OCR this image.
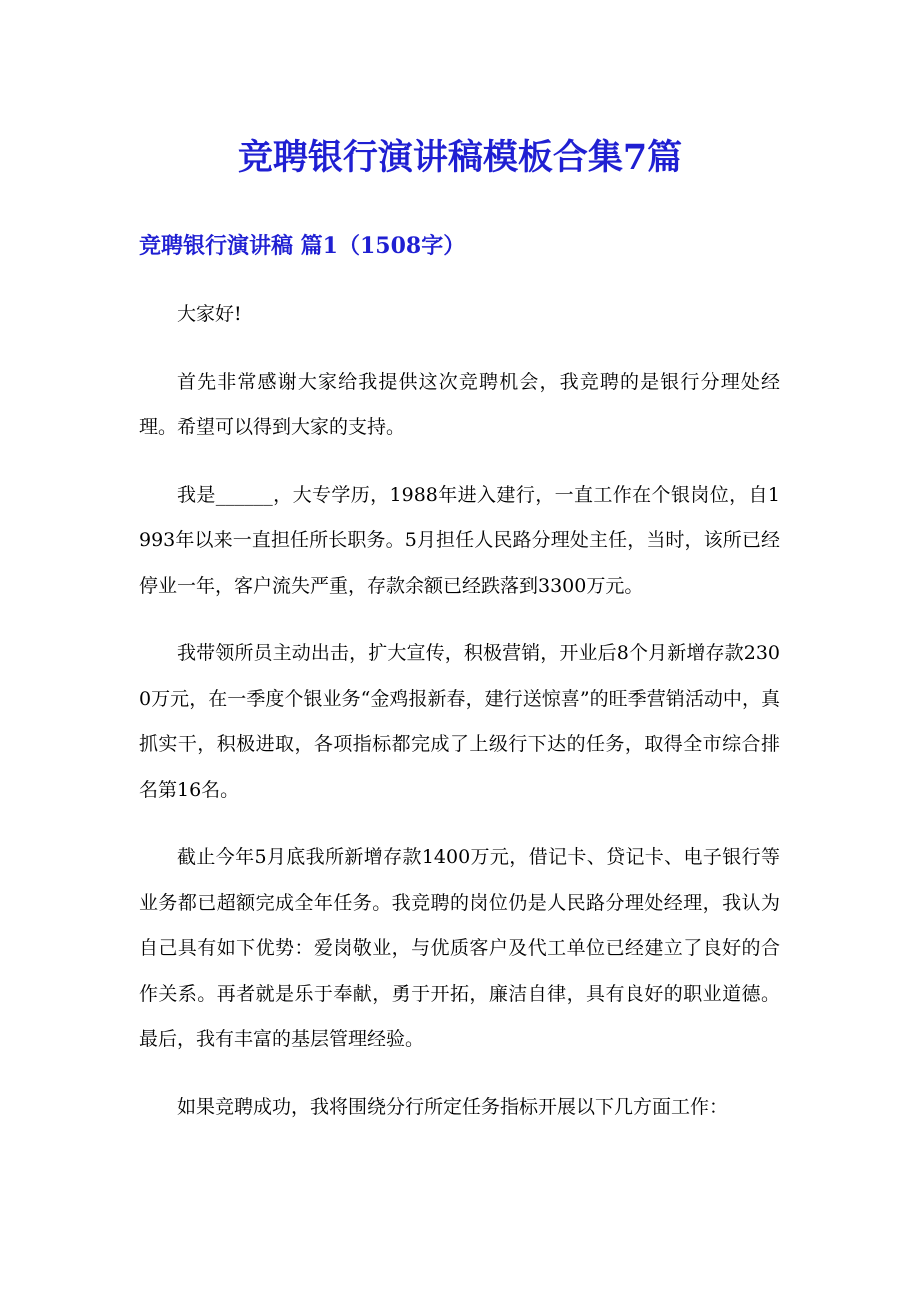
竞聘银行演讲稿模板合集7篇
竞聘银行演讲稿 篇1（1508字）

大家好!

首先非常感谢大家给我提供这次竞聘机会，我竞聘的是银行分理处经理。希望可以得到大家的支持。

我是______，大专学历，1988年进入建行，一直工作在个银岗位，自1993年以来一直担任所长职务。5月担任人民路分理处主任，当时，该所已经停业一年，客户流失严重，存款余额已经跌落到3300万元。

我带领所员主动出击，扩大宣传，积极营销，开业后8个月新增存款2300万元，在一季度个银业务“金鸡报新春，建行送惊喜”的旺季营销活动中，真抓实干，积极进取，各项指标都完成了上级行下达的任务，取得全市综合排名第16名。

截止今年5月底我所新增存款1400万元，借记卡、贷记卡、电子银行等业务都已超额完成全年任务。我竞聘的岗位仍是人民路分理处经理，我认为自己具有如下优势：爱岗敬业，与优质客户及代工单位已经建立了良好的合作关系。再者就是乐于奉献，勇于开拓，廉洁自律，具有良好的职业道德。最后，我有丰富的基层管理经验。

如果竞聘成功，我将围绕分行所定任务指标开展以下几方面工作：
